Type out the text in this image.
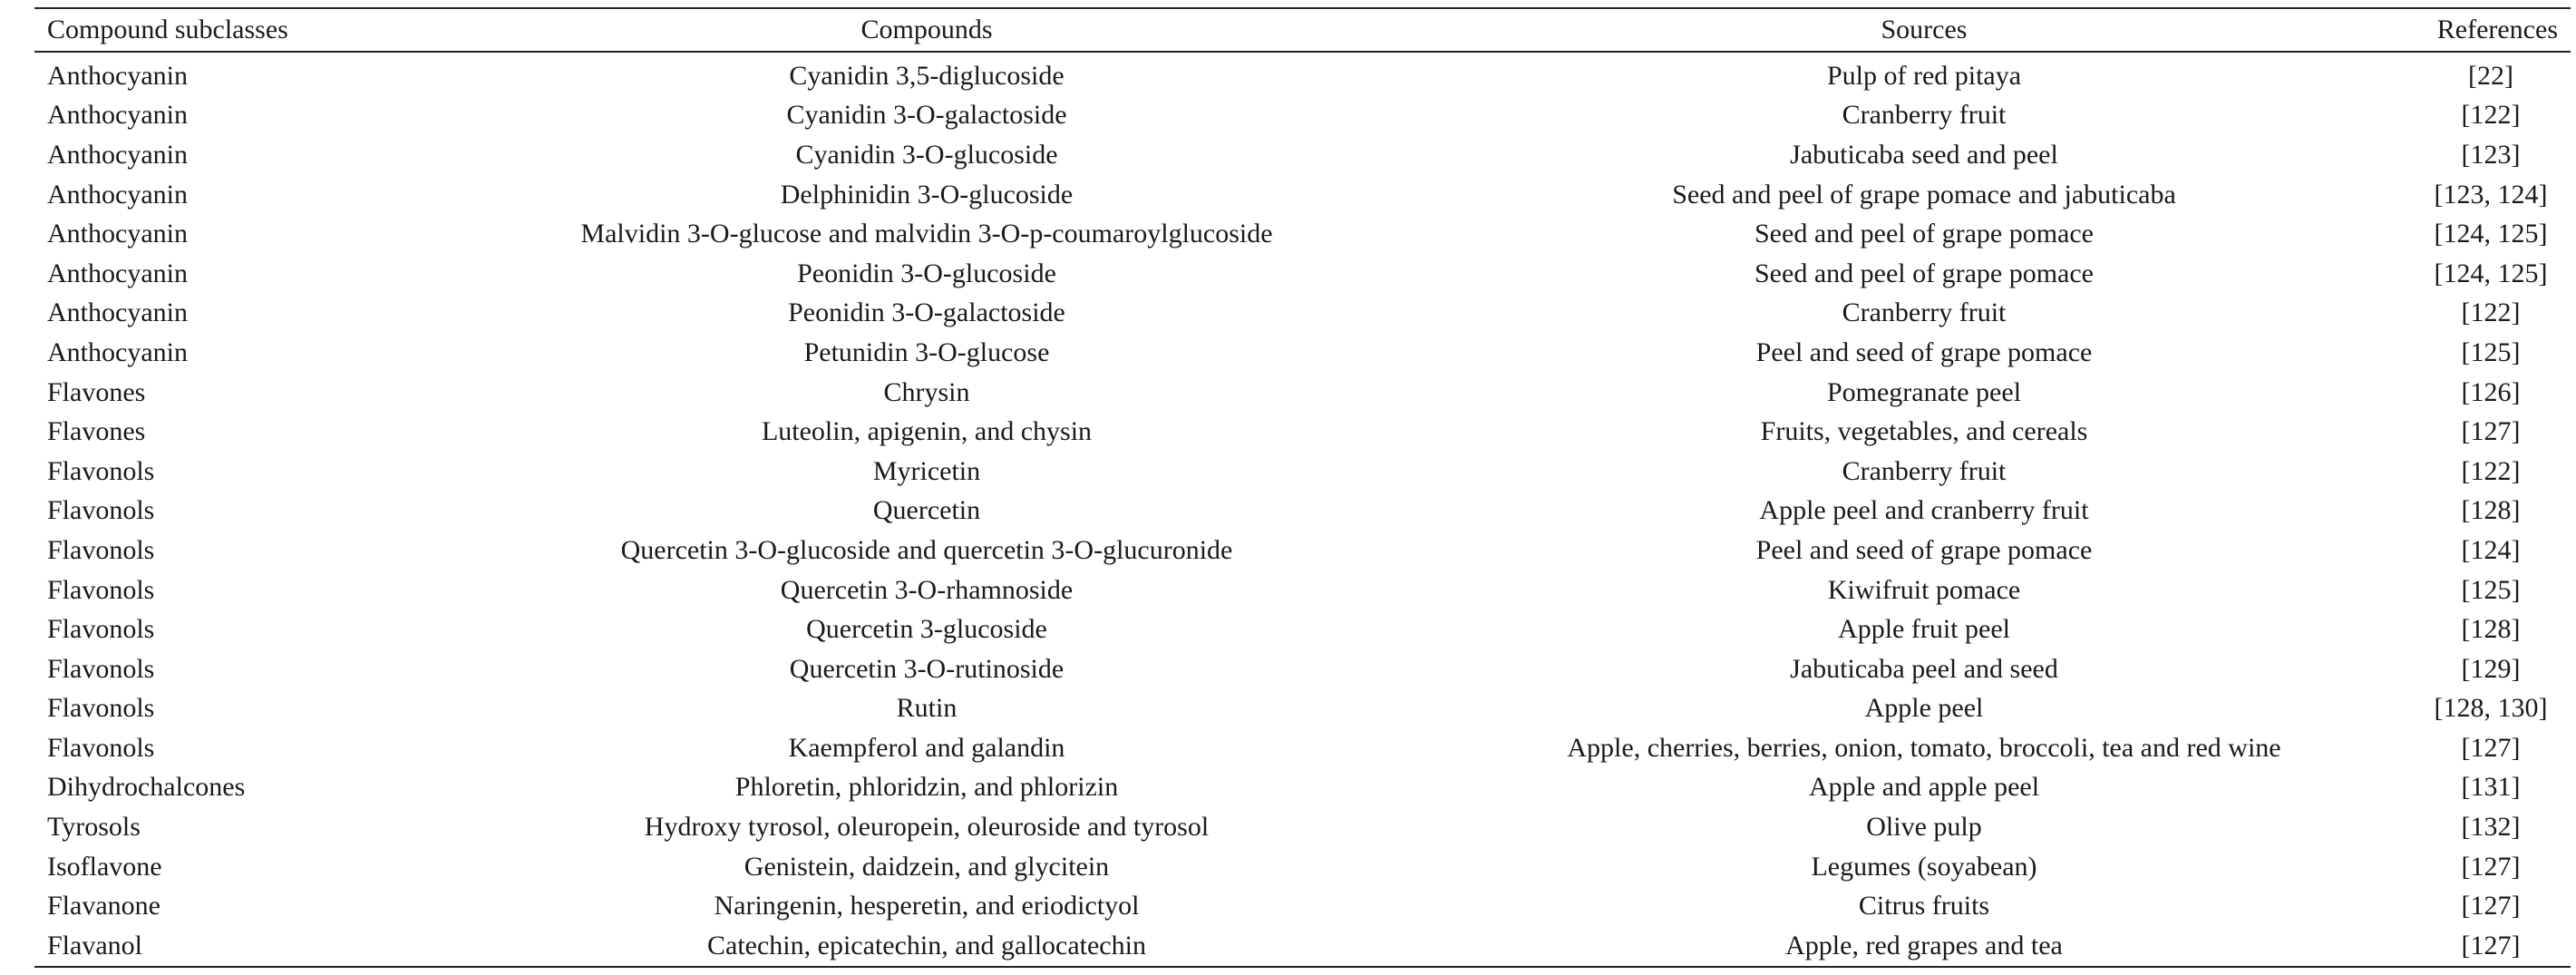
Compound subclasses	Compounds	Sources	References
Anthocyanin	Cyanidin 3,5-diglucoside	Pulp of red pitaya	[22]
Anthocyanin	Cyanidin 3-O-galactoside	Cranberry fruit	[122]
Anthocyanin	Cyanidin 3-O-glucoside	Jabuticaba seed and peel	[123]
Anthocyanin	Delphinidin 3-O-glucoside	Seed and peel of grape pomace and jabuticaba	[123, 124]
Anthocyanin	Malvidin 3-O-glucose and malvidin 3-O-p-coumaroylglucoside	Seed and peel of grape pomace	[124, 125]
Anthocyanin	Peonidin 3-O-glucoside	Seed and peel of grape pomace	[124, 125]
Anthocyanin	Peonidin 3-O-galactoside	Cranberry fruit	[122]
Anthocyanin	Petunidin 3-O-glucose	Peel and seed of grape pomace	[125]
Flavones	Chrysin	Pomegranate peel	[126]
Flavones	Luteolin, apigenin, and chysin	Fruits, vegetables, and cereals	[127]
Flavonols	Myricetin	Cranberry fruit	[122]
Flavonols	Quercetin	Apple peel and cranberry fruit	[128]
Flavonols	Quercetin 3-O-glucoside and quercetin 3-O-glucuronide	Peel and seed of grape pomace	[124]
Flavonols	Quercetin 3-O-rhamnoside	Kiwifruit pomace	[125]
Flavonols	Quercetin 3-glucoside	Apple fruit peel	[128]
Flavonols	Quercetin 3-O-rutinoside	Jabuticaba peel and seed	[129]
Flavonols	Rutin	Apple peel	[128, 130]
Flavonols	Kaempferol and galandin	Apple, cherries, berries, onion, tomato, broccoli, tea and red wine	[127]
Dihydrochalcones	Phloretin, phloridzin, and phlorizin	Apple and apple peel	[131]
Tyrosols	Hydroxy tyrosol, oleuropein, oleuroside and tyrosol	Olive pulp	[132]
Isoflavone	Genistein, daidzein, and glycitein	Legumes (soyabean)	[127]
Flavanone	Naringenin, hesperetin, and eriodictyol	Citrus fruits	[127]
Flavanol	Catechin, epicatechin, and gallocatechin	Apple, red grapes and tea	[127]
